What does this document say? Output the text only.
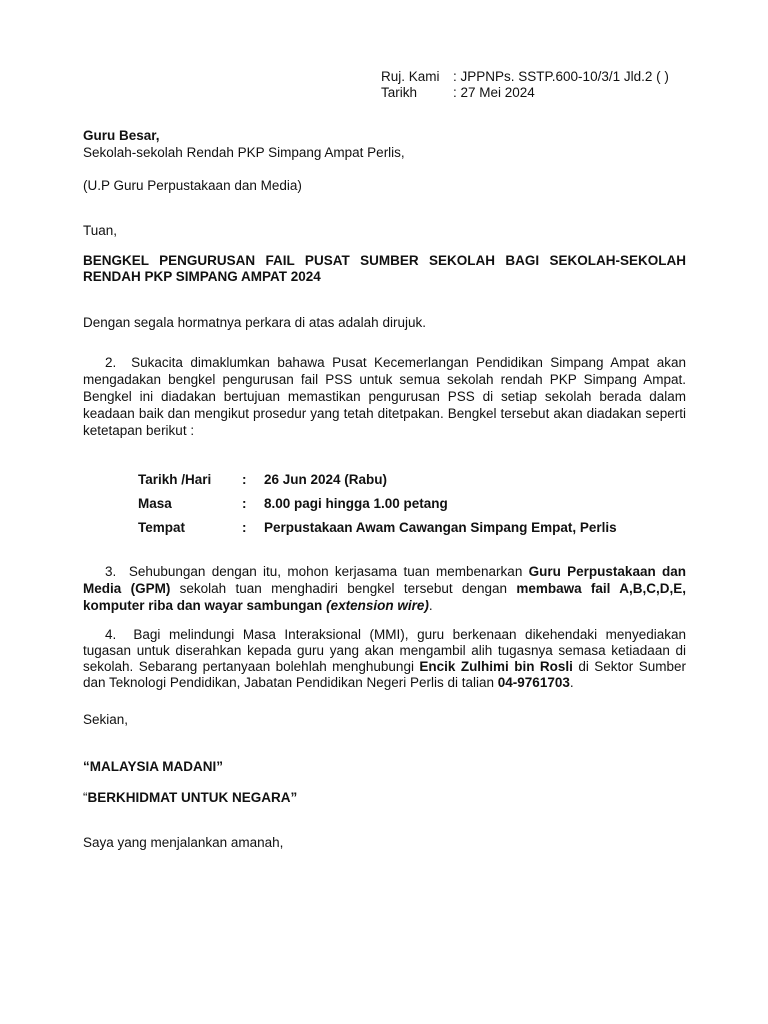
Ruj. Kami	: JPPNPs. SSTP.600-10/3/1 Jld.2 ( )
Tarikh	: 27 Mei 2024
Guru Besar,
Sekolah-sekolah Rendah PKP Simpang Ampat Perlis,
(U.P Guru Perpustakaan dan Media)
Tuan,
BENGKEL PENGURUSAN FAIL PUSAT SUMBER SEKOLAH BAGI SEKOLAH-SEKOLAH RENDAH PKP SIMPANG AMPAT 2024
Dengan segala hormatnya perkara di atas adalah dirujuk.
2. Sukacita dimaklumkan bahawa Pusat Kecemerlangan Pendidikan Simpang Ampat akan mengadakan bengkel pengurusan fail PSS untuk semua sekolah rendah PKP Simpang Ampat. Bengkel ini diadakan bertujuan memastikan pengurusan PSS di setiap sekolah berada dalam keadaan baik dan mengikut prosedur yang tetah ditetpakan. Bengkel tersebut akan diadakan seperti ketetapan berikut :
Tarikh /Hari	:	26 Jun 2024 (Rabu)
Masa	:	8.00 pagi hingga 1.00 petang
Tempat	:	Perpustakaan Awam Cawangan Simpang Empat, Perlis
3. Sehubungan dengan itu, mohon kerjasama tuan membenarkan Guru Perpustakaan dan Media (GPM) sekolah tuan menghadiri bengkel tersebut dengan membawa fail A,B,C,D,E, komputer riba dan wayar sambungan (extension wire).
4. Bagi melindungi Masa Interaksional (MMI), guru berkenaan dikehendaki menyediakan tugasan untuk diserahkan kepada guru yang akan mengambil alih tugasnya semasa ketiadaan di sekolah. Sebarang pertanyaan bolehlah menghubungi Encik Zulhimi bin Rosli di Sektor Sumber dan Teknologi Pendidikan, Jabatan Pendidikan Negeri Perlis di talian 04-9761703.
Sekian,
“MALAYSIA MADANI”
“BERKHIDMAT UNTUK NEGARA”
Saya yang menjalankan amanah,
